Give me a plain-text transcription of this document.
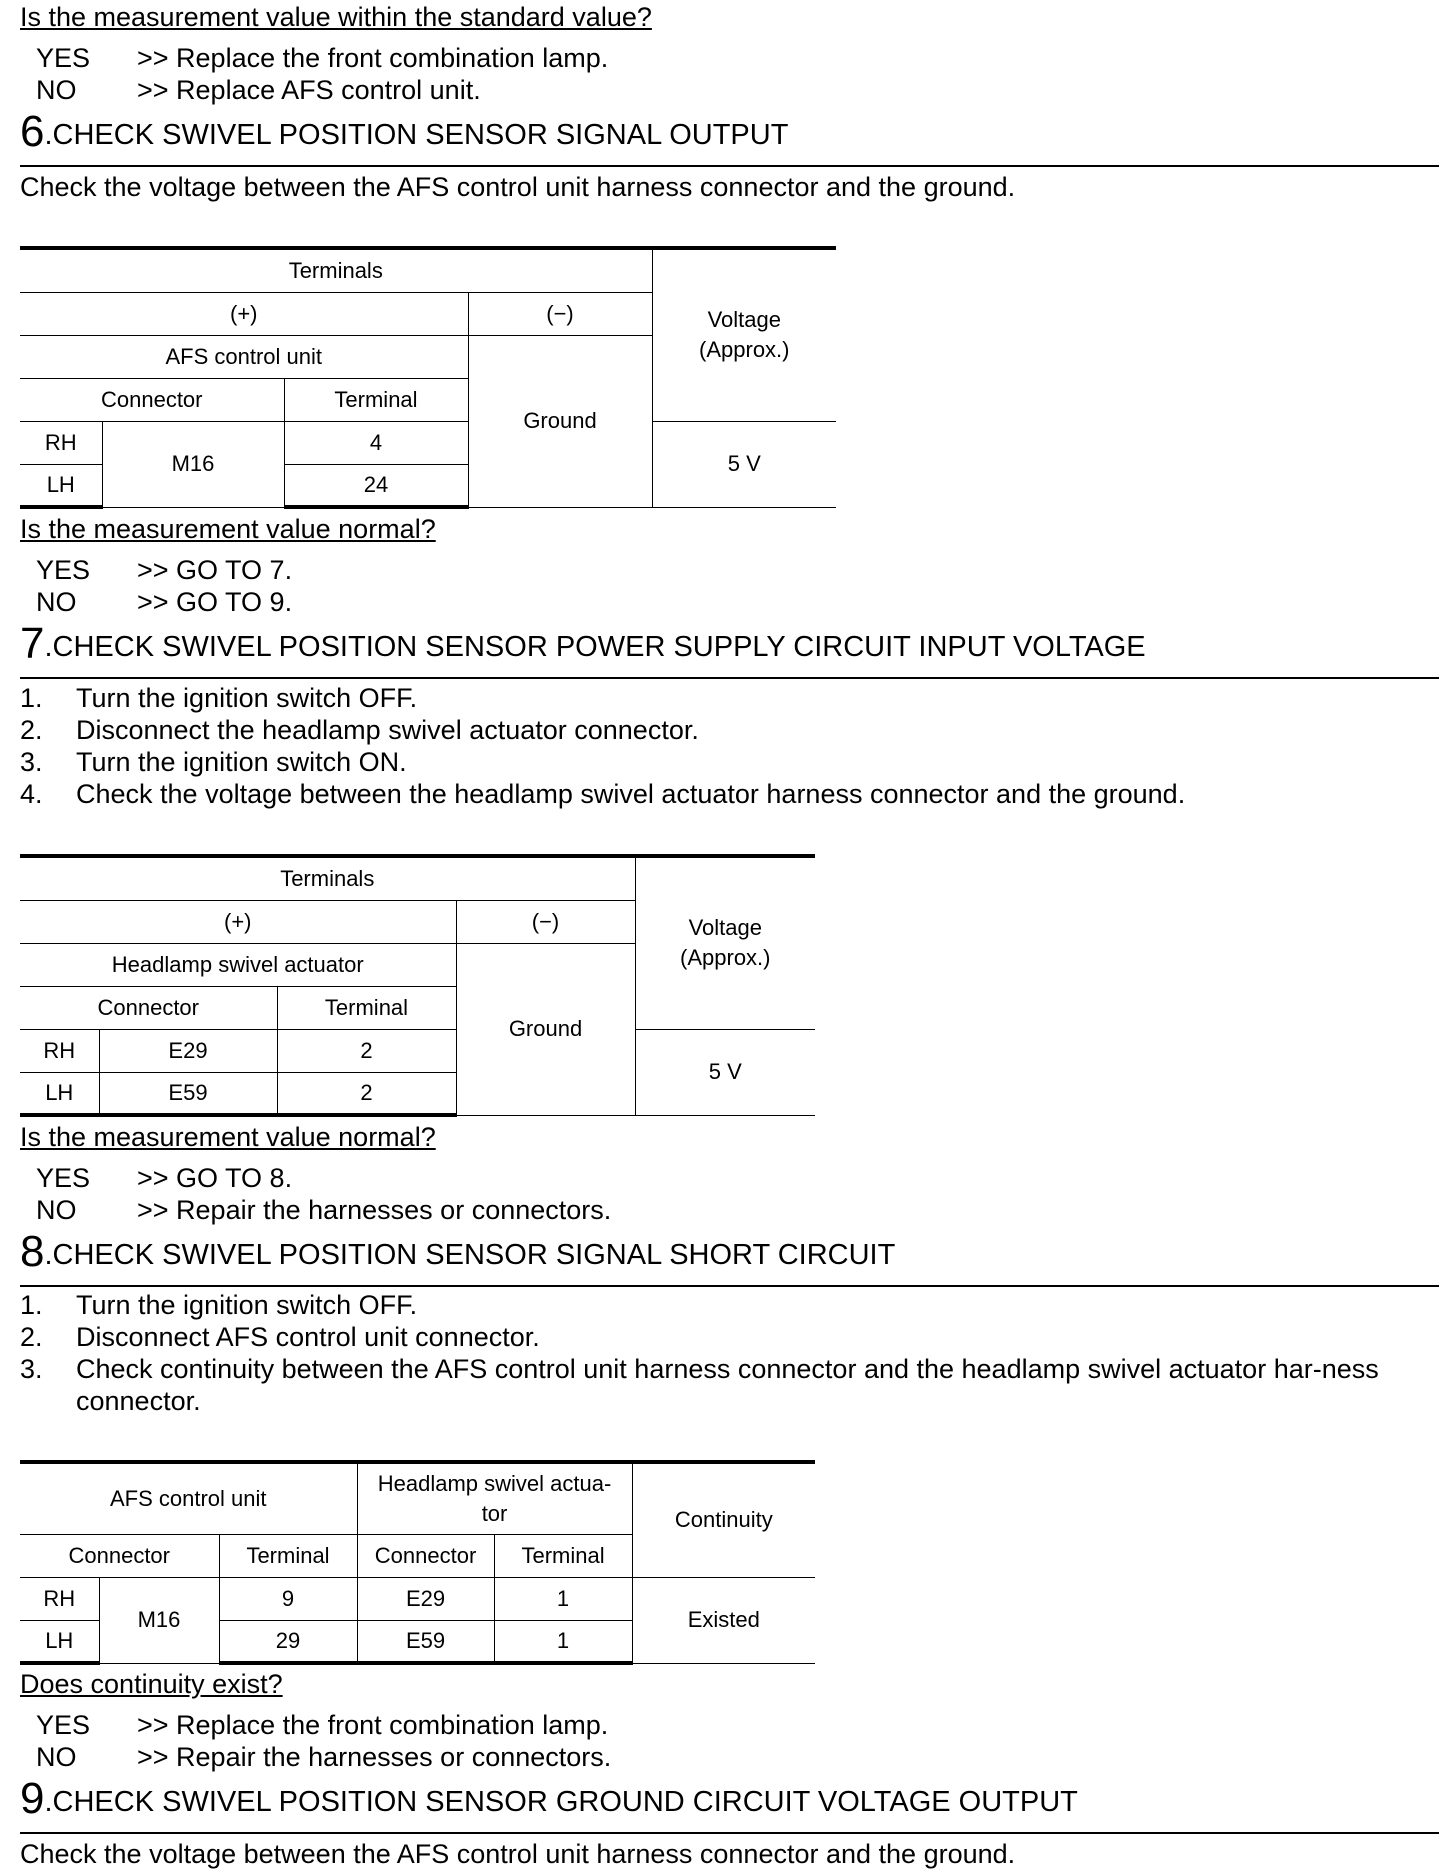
Is the measurement value within the standard value?
YES >> Replace the front combination lamp.
NO >> Replace AFS control unit.
6.CHECK SWIVEL POSITION SENSOR SIGNAL OUTPUT
Check the voltage between the AFS control unit harness connector and the ground.
Terminals				Voltage
(Approx.)
(+)			(−)	
AFS control unit			Ground	
Connector		Terminal		
RH	M16	4		5 V
LH		24		
Is the measurement value normal?
YES >> GO TO 7.
NO >> GO TO 9.
7.CHECK SWIVEL POSITION SENSOR POWER SUPPLY CIRCUIT INPUT VOLTAGE
1.	Turn the ignition switch OFF.
2.	Disconnect the headlamp swivel actuator connector.
3.	Turn the ignition switch ON.
4.	Check the voltage between the headlamp swivel actuator harness connector and the ground.
Terminals				Voltage
(Approx.)
(+)			(−)	
Headlamp swivel actuator			Ground	
Connector		Terminal		
RH	E29	2		5 V
LH	E59	2		
Is the measurement value normal?
YES >> GO TO 8.
NO >> Repair the harnesses or connectors.
8.CHECK SWIVEL POSITION SENSOR SIGNAL SHORT CIRCUIT
1.	Turn the ignition switch OFF.
2.	Disconnect AFS control unit connector.
3.	Check continuity between the AFS control unit harness connector and the headlamp swivel actuator har-ness connector.
AFS control unit			Headlamp swivel actua-
tor		Continuity
Connector		Terminal	Connector	Terminal	
RH	M16	9	E29	1	Existed
LH		29	E59	1	
Does continuity exist?
YES >> Replace the front combination lamp.
NO >> Repair the harnesses or connectors.
9.CHECK SWIVEL POSITION SENSOR GROUND CIRCUIT VOLTAGE OUTPUT
Check the voltage between the AFS control unit harness connector and the ground.
